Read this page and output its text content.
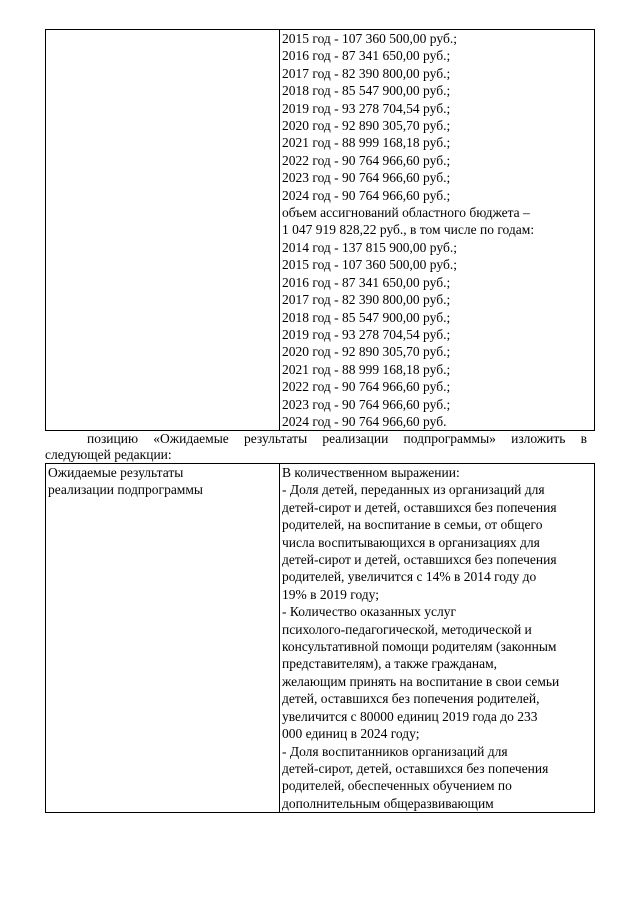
2015 год - 107 360 500,00 руб.;
2016 год - 87 341 650,00 руб.;
2017 год - 82 390 800,00 руб.;
2018 год - 85 547 900,00 руб.;
2019 год - 93 278 704,54 руб.;
2020 год - 92 890 305,70 руб.;
2021 год - 88 999 168,18 руб.;
2022 год - 90 764 966,60 руб.;
2023 год - 90 764 966,60 руб.;
2024 год - 90 764 966,60 руб.;
объем ассигнований областного бюджета –
1 047 919 828,22 руб., в том числе по годам:
2014 год - 137 815 900,00 руб.;
2015 год - 107 360 500,00 руб.;
2016 год - 87 341 650,00 руб.;
2017 год - 82 390 800,00 руб.;
2018 год - 85 547 900,00 руб.;
2019 год - 93 278 704,54 руб.;
2020 год - 92 890 305,70 руб.;
2021 год - 88 999 168,18 руб.;
2022 год - 90 764 966,60 руб.;
2023 год - 90 764 966,60 руб.;
2024 год - 90 764 966,60 руб.
позицию «Ожидаемые результаты реализации подпрограммы» изложить в
следующей редакции:
Ожидаемые результаты
реализации подпрограммы

В количественном выражении:
- Доля детей, переданных из организаций для
детей-сирот и детей, оставшихся без попечения
родителей, на воспитание в семьи, от общего
числа воспитывающихся в организациях для
детей-сирот и детей, оставшихся без попечения
родителей, увеличится с 14% в 2014 году до
19% в 2019 году;
- Количество оказанных услуг
психолого-педагогической, методической и
консультативной помощи родителям (законным
представителям), а также гражданам,
желающим принять на воспитание в свои семьи
детей, оставшихся без попечения родителей,
увеличится с 80000 единиц 2019 года до 233
000 единиц в 2024 году;
- Доля воспитанников организаций для
детей-сирот, детей, оставшихся без попечения
родителей, обеспеченных обучением по
дополнительным общеразвивающим
